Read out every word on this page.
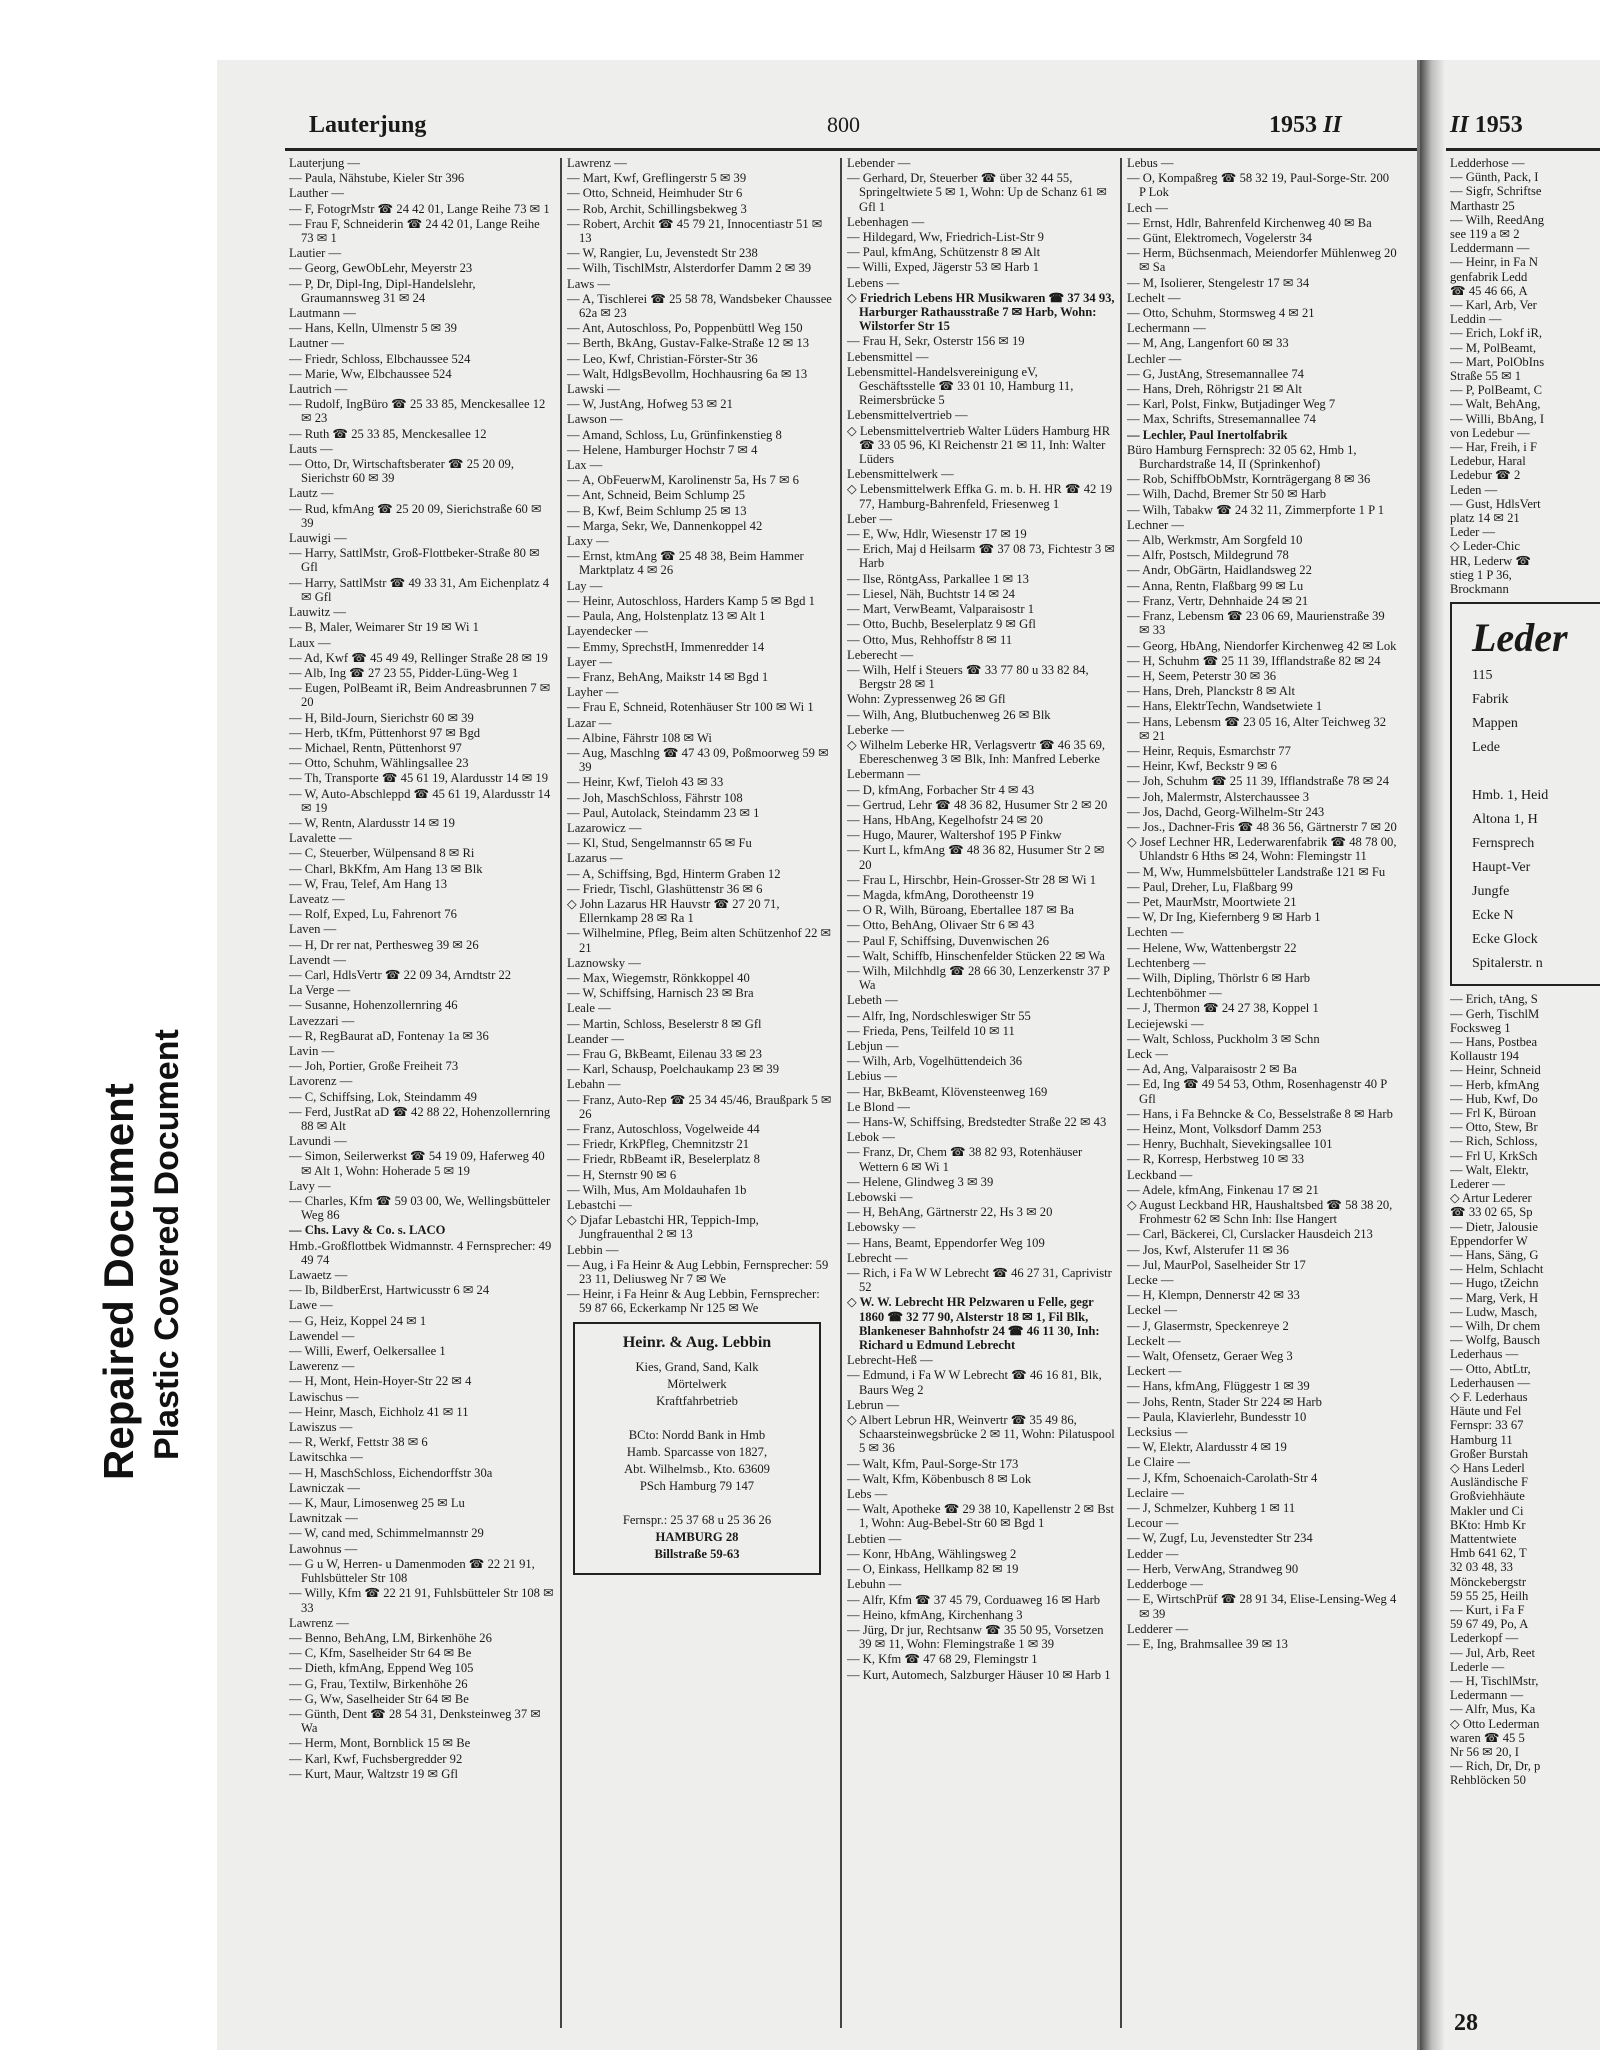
Repaired Document Plastic Covered Document
Lauterjung	800	1953 II
Lauterjung —
— Paula, Nähstube, Kieler Str 396
Lauther —
— F, FotogrMstr ☎ 24 42 01, Lange Reihe 73 ✉ 1
— Frau F, Schneiderin ☎ 24 42 01, Lange Reihe 73 ✉ 1
Lautier —
— Georg, GewObLehr, Meyerstr 23
— P, Dr, Dipl-Ing, Dipl-Handelslehr, Graumannsweg 31 ✉ 24
Lautmann —
— Hans, Kelln, Ulmenstr 5 ✉ 39
Lautner —
— Friedr, Schloss, Elbchaussee 524
— Marie, Ww, Elbchaussee 524
Lautrich —
— Rudolf, IngBüro ☎ 25 33 85, Menckesallee 12 ✉ 23
— Ruth ☎ 25 33 85, Menckesallee 12
Lauts —
— Otto, Dr, Wirtschaftsberater ☎ 25 20 09, Sierichstr 60 ✉ 39
Lautz —
— Rud, kfmAng ☎ 25 20 09, Sierichstraße 60 ✉ 39
Lauwigi —
— Harry, SattlMstr, Groß-Flottbeker-Straße 80 ✉ Gfl
— Harry, SattlMstr ☎ 49 33 31, Am Eichenplatz 4 ✉ Gfl
Lauwitz —
— B, Maler, Weimarer Str 19 ✉ Wi 1
Laux —
— Ad, Kwf ☎ 45 49 49, Rellinger Straße 28 ✉ 19
— Alb, Ing ☎ 27 23 55, Pidder-Lüng-Weg 1
— Eugen, PolBeamt iR, Beim Andreasbrunnen 7 ✉ 20
— H, Bild-Journ, Sierichstr 60 ✉ 39
— Herb, tKfm, Püttenhorst 97 ✉ Bgd
— Michael, Rentn, Püttenhorst 97
— Otto, Schuhm, Wählingsallee 23
— Th, Transporte ☎ 45 61 19, Alardusstr 14 ✉ 19
— W, Auto-Abschleppd ☎ 45 61 19, Alardusstr 14 ✉ 19
— W, Rentn, Alardusstr 14 ✉ 19
Lavalette —
— C, Steuerber, Wülpensand 8 ✉ Ri
— Charl, BkKfm, Am Hang 13 ✉ Blk
— W, Frau, Telef, Am Hang 13
Laveatz —
— Rolf, Exped, Lu, Fahrenort 76
Laven —
— H, Dr rer nat, Perthesweg 39 ✉ 26
Lavendt —
— Carl, HdlsVertr ☎ 22 09 34, Arndtstr 22
La Verge —
— Susanne, Hohenzollernring 46
Lavezzari —
— R, RegBaurat aD, Fontenay 1a ✉ 36
Lavin —
— Joh, Portier, Große Freiheit 73
Lavorenz —
— C, Schiffsing, Lok, Steindamm 49
— Ferd, JustRat aD ☎ 42 88 22, Hohenzollernring 88 ✉ Alt
Lavundi —
— Simon, Seilerwerkst ☎ 54 19 09, Haferweg 40 ✉ Alt 1, Wohn: Hoherade 5 ✉ 19
Lavy —
— Charles, Kfm ☎ 59 03 00, We, Wellingsbütteler Weg 86
— Chs. Lavy & Co. s. LACO
Hmb.-Großflottbek Widmannstr. 4 Fernsprecher: 49 49 74
Lawaetz —
— Ib, BildberErst, Hartwicusstr 6 ✉ 24
Lawe —
— G, Heiz, Koppel 24 ✉ 1
Lawendel —
— Willi, Ewerf, Oelkersallee 1
Lawerenz —
— H, Mont, Hein-Hoyer-Str 22 ✉ 4
Lawischus —
— Heinr, Masch, Eichholz 41 ✉ 11
Lawiszus —
— R, Werkf, Fettstr 38 ✉ 6
Lawitschka —
— H, MaschSchloss, Eichendorffstr 30a
Lawniczak —
— K, Maur, Limosenweg 25 ✉ Lu
Lawnitzak —
— W, cand med, Schimmelmannstr 29
Lawohnus —
— G u W, Herren- u Damenmoden ☎ 22 21 91, Fuhlsbütteler Str 108
— Willy, Kfm ☎ 22 21 91, Fuhlsbütteler Str 108 ✉ 33
Lawrenz —
— Benno, BehAng, LM, Birkenhöhe 26
— C, Kfm, Saselheider Str 64 ✉ Be
— Dieth, kfmAng, Eppend Weg 105
— G, Frau, Textilw, Birkenhöhe 26
— G, Ww, Saselheider Str 64 ✉ Be
— Günth, Dent ☎ 28 54 31, Denksteinweg 37 ✉ Wa
— Herm, Mont, Bornblick 15 ✉ Be
— Karl, Kwf, Fuchsbergredder 92
— Kurt, Maur, Waltzstr 19 ✉ Gfl
Lawrenz —
— Mart, Kwf, Greflingerstr 5 ✉ 39
— Otto, Schneid, Heimhuder Str 6
— Rob, Archit, Schillingsbekweg 3
— Robert, Archit ☎ 45 79 21, Innocentiastr 51 ✉ 13
— W, Rangier, Lu, Jevenstedt Str 238
— Wilh, TischlMstr, Alsterdorfer Damm 2 ✉ 39
Laws —
— A, Tischlerei ☎ 25 58 78, Wandsbeker Chaussee 62a ✉ 23
— Ant, Autoschloss, Po, Poppenbüttl Weg 150
— Berth, BkAng, Gustav-Falke-Straße 12 ✉ 13
— Leo, Kwf, Christian-Förster-Str 36
— Walt, HdlgsBevollm, Hochhausring 6a ✉ 13
Lawski —
— W, JustAng, Hofweg 53 ✉ 21
Lawson —
— Amand, Schloss, Lu, Grünfinkenstieg 8
— Helene, Hamburger Hochstr 7 ✉ 4
Lax —
— A, ObFeuerwM, Karolinenstr 5a, Hs 7 ✉ 6
— Ant, Schneid, Beim Schlump 25
— B, Kwf, Beim Schlump 25 ✉ 13
— Marga, Sekr, We, Dannenkoppel 42
Laxy —
— Ernst, ktmAng ☎ 25 48 38, Beim Hammer Marktplatz 4 ✉ 26
Lay —
— Heinr, Autoschloss, Harders Kamp 5 ✉ Bgd 1
— Paula, Ang, Holstenplatz 13 ✉ Alt 1
Layendecker —
— Emmy, SprechstH, Immenredder 14
Layer —
— Franz, BehAng, Maikstr 14 ✉ Bgd 1
Layher —
— Frau E, Schneid, Rotenhäuser Str 100 ✉ Wi 1
Lazar —
— Albine, Fährstr 108 ✉ Wi
— Aug, Maschlng ☎ 47 43 09, Poßmoorweg 59 ✉ 39
— Heinr, Kwf, Tieloh 43 ✉ 33
— Joh, MaschSchloss, Fährstr 108
— Paul, Autolack, Steindamm 23 ✉ 1
Lazarowicz —
— Kl, Stud, Sengelmannstr 65 ✉ Fu
Lazarus —
— A, Schiffsing, Bgd, Hinterm Graben 12
— Friedr, Tischl, Glashüttenstr 36 ✉ 6
◇ John Lazarus HR Hauvstr ☎ 27 20 71, Ellernkamp 28 ✉ Ra 1
— Wilhelmine, Pfleg, Beim alten Schützenhof 22 ✉ 21
Laznowsky —
— Max, Wiegemstr, Rönkkoppel 40
— W, Schiffsing, Harnisch 23 ✉ Bra
Leale —
— Martin, Schloss, Beselerstr 8 ✉ Gfl
Leander —
— Frau G, BkBeamt, Eilenau 33 ✉ 23
— Karl, Schausp, Poelchaukamp 23 ✉ 39
Lebahn —
— Franz, Auto-Rep ☎ 25 34 45/46, Braußpark 5 ✉ 26
— Franz, Autoschloss, Vogelweide 44
— Friedr, KrkPfleg, Chemnitzstr 21
— Friedr, RbBeamt iR, Beselerplatz 8
— H, Sternstr 90 ✉ 6
— Wilh, Mus, Am Moldauhafen 1b
Lebastchi —
◇ Djafar Lebastchi HR, Teppich-Imp, Jungfrauenthal 2 ✉ 13
Lebbin —
— Aug, i Fa Heinr & Aug Lebbin, Fernsprecher: 59 23 11, Deliusweg Nr 7 ✉ We
— Heinr, i Fa Heinr & Aug Lebbin, Fernsprecher: 59 87 66, Eckerkamp Nr 125 ✉ We
Heinr. & Aug. Lebbin
Kies, Grand, Sand, Kalk
Mörtelwerk
Kraftfahrbetrieb

BCto: Nordd Bank in Hmb
Hamb. Sparcasse von 1827,
Abt. Wilhelmsb., Kto. 63609
PSch Hamburg 79 147

Fernspr.: 25 37 68 u 25 36 26
HAMBURG 28
Billstraße 59-63
Lebender —
— Gerhard, Dr, Steuerber ☎ über 32 44 55, Springeltwiete 5 ✉ 1, Wohn: Up de Schanz 61 ✉ Gfl 1
Lebenhagen —
— Hildegard, Ww, Friedrich-List-Str 9
— Paul, kfmAng, Schützenstr 8 ✉ Alt
— Willi, Exped, Jägerstr 53 ✉ Harb 1
Lebens —
◇ Friedrich Lebens HR Musikwaren ☎ 37 34 93, Harburger Rathausstraße 7 ✉ Harb, Wohn: Wilstorfer Str 15
— Frau H, Sekr, Osterstr 156 ✉ 19
Lebensmittel —
Lebensmittel-Handelsvereinigung eV, Geschäftsstelle ☎ 33 01 10, Hamburg 11, Reimersbrücke 5
Lebensmittelvertrieb —
◇ Lebensmittelvertrieb Walter Lüders Hamburg HR ☎ 33 05 96, Kl Reichenstr 21 ✉ 11, Inh: Walter Lüders
Lebensmittelwerk —
◇ Lebensmittelwerk Effka G. m. b. H. HR ☎ 42 19 77, Hamburg-Bahrenfeld, Friesenweg 1
Leber —
— E, Ww, Hdlr, Wiesenstr 17 ✉ 19
— Erich, Maj d Heilsarm ☎ 37 08 73, Fichtestr 3 ✉ Harb
— Ilse, RöntgAss, Parkallee 1 ✉ 13
— Liesel, Näh, Buchtstr 14 ✉ 24
— Mart, VerwBeamt, Valparaisostr 1
— Otto, Buchb, Beselerplatz 9 ✉ Gfl
— Otto, Mus, Rehhoffstr 8 ✉ 11
Leberecht —
— Wilh, Helf i Steuers ☎ 33 77 80 u 33 82 84, Bergstr 28 ✉ 1
Wohn: Zypressenweg 26 ✉ Gfl
— Wilh, Ang, Blutbuchenweg 26 ✉ Blk
Leberke —
◇ Wilhelm Leberke HR, Verlagsvertr ☎ 46 35 69, Ebereschenweg 3 ✉ Blk, Inh: Manfred Leberke
Lebermann —
— D, kfmAng, Forbacher Str 4 ✉ 43
— Gertrud, Lehr ☎ 48 36 82, Husumer Str 2 ✉ 20
— Hans, HbAng, Kegelhofstr 24 ✉ 20
— Hugo, Maurer, Waltershof 195 P Finkw
— Kurt L, kfmAng ☎ 48 36 82, Husumer Str 2 ✉ 20
— Frau L, Hirschbr, Hein-Grosser-Str 28 ✉ Wi 1
— Magda, kfmAng, Dorotheenstr 19
— O R, Wilh, Büroang, Ebertallee 187 ✉ Ba
— Otto, BehAng, Olivaer Str 6 ✉ 43
— Paul F, Schiffsing, Duvenwischen 26
— Walt, Schiffb, Hinschenfelder Stücken 22 ✉ Wa
— Wilh, Milchhdlg ☎ 28 66 30, Lenzerkenstr 37 P Wa
Lebeth —
— Alfr, Ing, Nordschleswiger Str 55
— Frieda, Pens, Teilfeld 10 ✉ 11
Lebjun —
— Wilh, Arb, Vogelhüttendeich 36
Lebius —
— Har, BkBeamt, Klövensteenweg 169
Le Blond —
— Hans-W, Schiffsing, Bredstedter Straße 22 ✉ 43
Lebok —
— Franz, Dr, Chem ☎ 38 82 93, Rotenhäuser Wettern 6 ✉ Wi 1
— Helene, Glindweg 3 ✉ 39
Lebowski —
— H, BehAng, Gärtnerstr 22, Hs 3 ✉ 20
Lebowsky —
— Hans, Beamt, Eppendorfer Weg 109
Lebrecht —
— Rich, i Fa W W Lebrecht ☎ 46 27 31, Caprivistr 52
◇ W. W. Lebrecht HR Pelzwaren u Felle, gegr 1860 ☎ 32 77 90, Alsterstr 18 ✉ 1, Fil Blk, Blankeneser Bahnhofstr 24 ☎ 46 11 30, Inh: Richard u Edmund Lebrecht
Lebrecht-Heß —
— Edmund, i Fa W W Lebrecht ☎ 46 16 81, Blk, Baurs Weg 2
Lebrun —
◇ Albert Lebrun HR, Weinvertr ☎ 35 49 86, Schaarsteinwegsbrücke 2 ✉ 11, Wohn: Pilatuspool 5 ✉ 36
— Walt, Kfm, Paul-Sorge-Str 173
— Walt, Kfm, Köbenbusch 8 ✉ Lok
Lebs —
— Walt, Apotheke ☎ 29 38 10, Kapellenstr 2 ✉ Bst 1, Wohn: Aug-Bebel-Str 60 ✉ Bgd 1
Lebtien —
— Konr, HbAng, Wählingsweg 2
— O, Einkass, Hellkamp 82 ✉ 19
Lebuhn —
— Alfr, Kfm ☎ 37 45 79, Corduaweg 16 ✉ Harb
— Heino, kfmAng, Kirchenhang 3
— Jürg, Dr jur, Rechtsanw ☎ 35 50 95, Vorsetzen 39 ✉ 11, Wohn: Flemingstraße 1 ✉ 39
— K, Kfm ☎ 47 68 29, Flemingstr 1
— Kurt, Automech, Salzburger Häuser 10 ✉ Harb 1
Lebus —
— O, Kompaßreg ☎ 58 32 19, Paul-Sorge-Str. 200 P Lok
Lech —
— Ernst, Hdlr, Bahrenfeld Kirchenweg 40 ✉ Ba
— Günt, Elektromech, Vogelerstr 34
— Herm, Büchsenmach, Meiendorfer Mühlenweg 20 ✉ Sa
— M, Isolierer, Stengelestr 17 ✉ 34
Lechelt —
— Otto, Schuhm, Stormsweg 4 ✉ 21
Lechermann —
— M, Ang, Langenfort 60 ✉ 33
Lechler —
— G, JustAng, Stresemannallee 74
— Hans, Dreh, Röhrigstr 21 ✉ Alt
— Karl, Polst, Finkw, Butjadinger Weg 7
— Max, Schrifts, Stresemannallee 74
— Lechler, Paul Inertolfabrik
Büro Hamburg Fernsprech: 32 05 62, Hmb 1, Burchardstraße 14, II (Sprinkenhof)
— Rob, SchiffbObMstr, Kornträgergang 8 ✉ 36
— Wilh, Dachd, Bremer Str 50 ✉ Harb
— Wilh, Tabakw ☎ 24 32 11, Zimmerpforte 1 P 1
Lechner —
— Alb, Werkmstr, Am Sorgfeld 10
— Alfr, Postsch, Mildegrund 78
— Andr, ObGärtn, Haidlandsweg 22
— Anna, Rentn, Flaßbarg 99 ✉ Lu
— Franz, Vertr, Dehnhaide 24 ✉ 21
— Franz, Lebensm ☎ 23 06 69, Maurienstraße 39 ✉ 33
— Georg, HbAng, Niendorfer Kirchenweg 42 ✉ Lok
— H, Schuhm ☎ 25 11 39, Ifflandstraße 82 ✉ 24
— H, Seem, Peterstr 30 ✉ 36
— Hans, Dreh, Planckstr 8 ✉ Alt
— Hans, ElektrTechn, Wandsetwiete 1
— Hans, Lebensm ☎ 23 05 16, Alter Teichweg 32 ✉ 21
— Heinr, Requis, Esmarchstr 77
— Heinr, Kwf, Beckstr 9 ✉ 6
— Joh, Schuhm ☎ 25 11 39, Ifflandstraße 78 ✉ 24
— Joh, Malermstr, Alsterchaussee 3
— Jos, Dachd, Georg-Wilhelm-Str 243
— Jos., Dachner-Fris ☎ 48 36 56, Gärtnerstr 7 ✉ 20
◇ Josef Lechner HR, Lederwarenfabrik ☎ 48 78 00, Uhlandstr 6 Hths ✉ 24, Wohn: Flemingstr 11
— M, Ww, Hummelsbütteler Landstraße 121 ✉ Fu
— Paul, Dreher, Lu, Flaßbarg 99
— Pet, MaurMstr, Moortwiete 21
— W, Dr Ing, Kiefernberg 9 ✉ Harb 1
Lechten —
— Helene, Ww, Wattenbergstr 22
Lechtenberg —
— Wilh, Dipling, Thörlstr 6 ✉ Harb
Lechtenböhmer —
— J, Thermon ☎ 24 27 38, Koppel 1
Leciejewski —
— Walt, Schloss, Puckholm 3 ✉ Schn
Leck —
— Ad, Ang, Valparaisostr 2 ✉ Ba
— Ed, Ing ☎ 49 54 53, Othm, Rosenhagenstr 40 P Gfl
— Hans, i Fa Behncke & Co, Besselstraße 8 ✉ Harb
— Heinz, Mont, Volksdorf Damm 253
— Henry, Buchhalt, Sievekingsallee 101
— R, Korresp, Herbstweg 10 ✉ 33
Leckband —
— Adele, kfmAng, Finkenau 17 ✉ 21
◇ August Leckband HR, Haushaltsbed ☎ 58 38 20, Frohmestr 62 ✉ Schn Inh: Ilse Hangert
— Carl, Bäckerei, Cl, Curslacker Hausdeich 213
— Jos, Kwf, Alsterufer 11 ✉ 36
— Jul, MaurPol, Saselheider Str 17
Lecke —
— H, Klempn, Dennerstr 42 ✉ 33
Leckel —
— J, Glasermstr, Speckenreye 2
Leckelt —
— Walt, Ofensetz, Geraer Weg 3
Leckert —
— Hans, kfmAng, Flüggestr 1 ✉ 39
— Johs, Rentn, Stader Str 224 ✉ Harb
— Paula, Klavierlehr, Bundesstr 10
Lecksius —
— W, Elektr, Alardusstr 4 ✉ 19
Le Claire —
— J, Kfm, Schoenaich-Carolath-Str 4
Leclaire —
— J, Schmelzer, Kuhberg 1 ✉ 11
Lecour —
— W, Zugf, Lu, Jevenstedter Str 234
Ledder —
— Herb, VerwAng, Strandweg 90
Ledderboge —
— E, WirtschPrüf ☎ 28 91 34, Elise-Lensing-Weg 4 ✉ 39
Ledderer —
— E, Ing, Brahmsallee 39 ✉ 13
II 1953
Ledderhose —
— Günth, Pack, I
— Sigfr, Schriftse
Marthastr 25
— Wilh, ReedAng
see 119 a ✉ 2
Leddermann —
— Heinr, in Fa N
genfabrik Ledd
☎ 45 46 66, A
— Karl, Arb, Ver
Leddin —
— Erich, Lokf iR,
— M, PolBeamt,
— Mart, PolObIns
Straße 55 ✉ 1
— P, PolBeamt, C
— Walt, BehAng,
— Willi, BbAng, I
von Ledebur —
— Har, Freih, i F
Ledebur, Haral
Ledebur ☎ 2
Leden —
— Gust, HdlsVert
platz 14 ✉ 21
Leder —
◇ Leder-Chic
HR, Lederw ☎
stieg 1 P 36,
Brockmann
Leder
115
Fabrik
Mappen
Lede

Hmb. 1, Heid
Altona 1, H
Fernsprech
Haupt-Ver
Jungfe
Ecke N
Ecke Glock
Spitalerstr. n
— Erich, tAng, S
— Gerh, TischlM
Focksweg 1
— Hans, Postbea
Kollaustr 194
— Heinr, Schneid
— Herb, kfmAng
— Hub, Kwf, Do
— Frl K, Büroan
— Otto, Stew, Br
— Rich, Schloss,
— Frl U, KrkSch
— Walt, Elektr,
Lederer —
◇ Artur Lederer
☎ 33 02 65, Sp
— Dietr, Jalousie
Eppendorfer W
— Hans, Säng, G
— Helm, Schlacht
— Hugo, tZeichn
— Marg, Verk, H
— Ludw, Masch,
— Wilh, Dr chem
— Wolfg, Bausch
Lederhaus —
— Otto, AbtLtr,
Lederhausen —
◇ F. Lederhaus
Häute und Fel
Fernspr: 33 67
Hamburg 11
Großer Burstah
◇ Hans Lederl
Ausländische F
Großviehhäute
Makler und Ci
BKto: Hmb Kr
Mattentwiete
Hmb 641 62, T
32 03 48, 33
Mönckebergstr
59 55 25, Heilh
— Kurt, i Fa F
59 67 49, Po, A
Lederkopf —
— Jul, Arb, Reet
Lederle —
— H, TischlMstr,
Ledermann —
— Alfr, Mus, Ka
◇ Otto Lederman
waren ☎ 45 5
Nr 56 ✉ 20, I
— Rich, Dr, Dr, p
Rehblöcken 50
28
